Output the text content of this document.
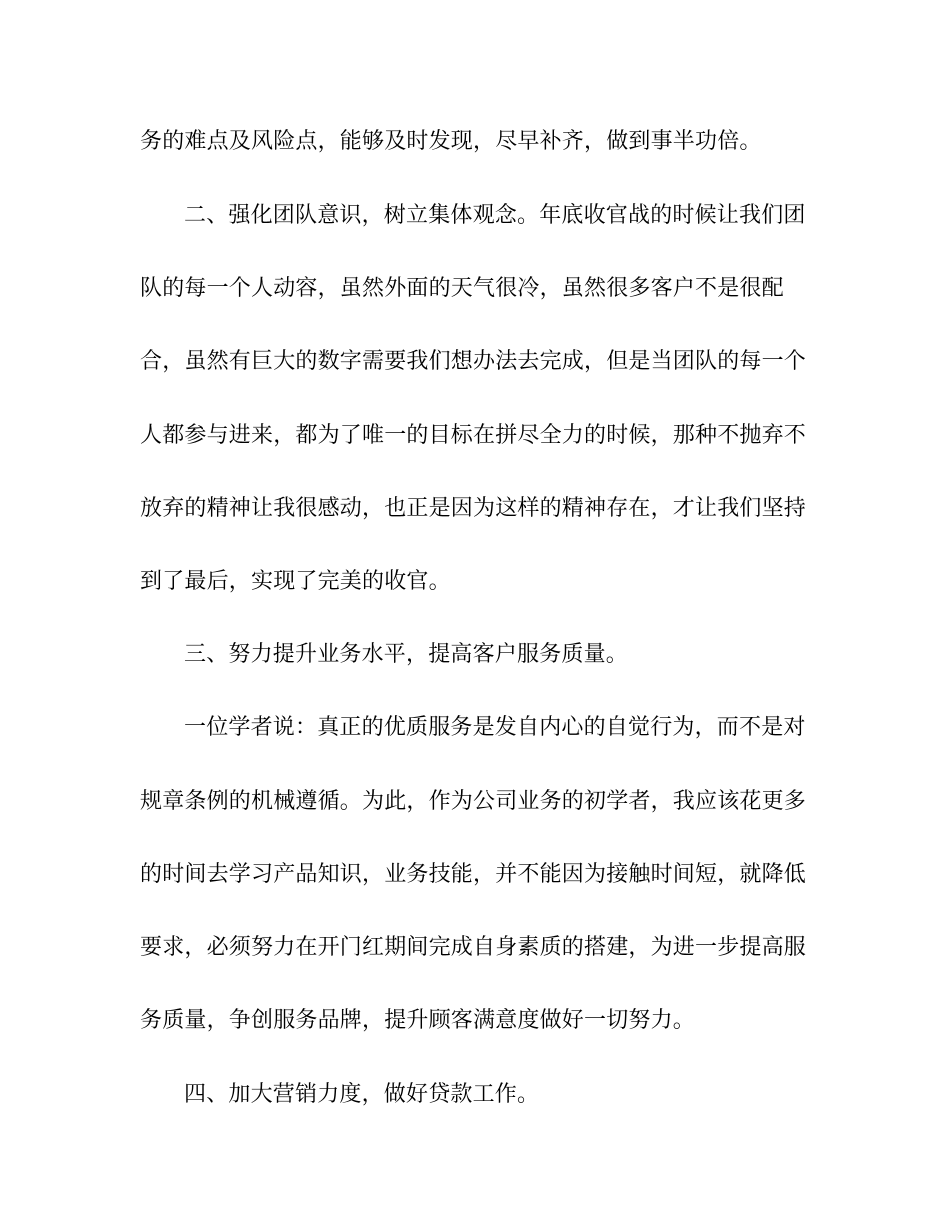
务的难点及风险点，能够及时发现，尽早补齐，做到事半功倍。

二、强化团队意识，树立集体观念。年底收官战的时候让我们团

队的每一个人动容，虽然外面的天气很冷，虽然很多客户不是很配

合，虽然有巨大的数字需要我们想办法去完成，但是当团队的每一个

人都参与进来，都为了唯一的目标在拼尽全力的时候，那种不抛弃不

放弃的精神让我很感动，也正是因为这样的精神存在，才让我们坚持

到了最后，实现了完美的收官。

三、努力提升业务水平，提高客户服务质量。

一位学者说：真正的优质服务是发自内心的自觉行为，而不是对

规章条例的机械遵循。为此，作为公司业务的初学者，我应该花更多

的时间去学习产品知识，业务技能，并不能因为接触时间短，就降低

要求，必须努力在开门红期间完成自身素质的搭建，为进一步提高服

务质量，争创服务品牌，提升顾客满意度做好一切努力。

四、加大营销力度，做好贷款工作。
